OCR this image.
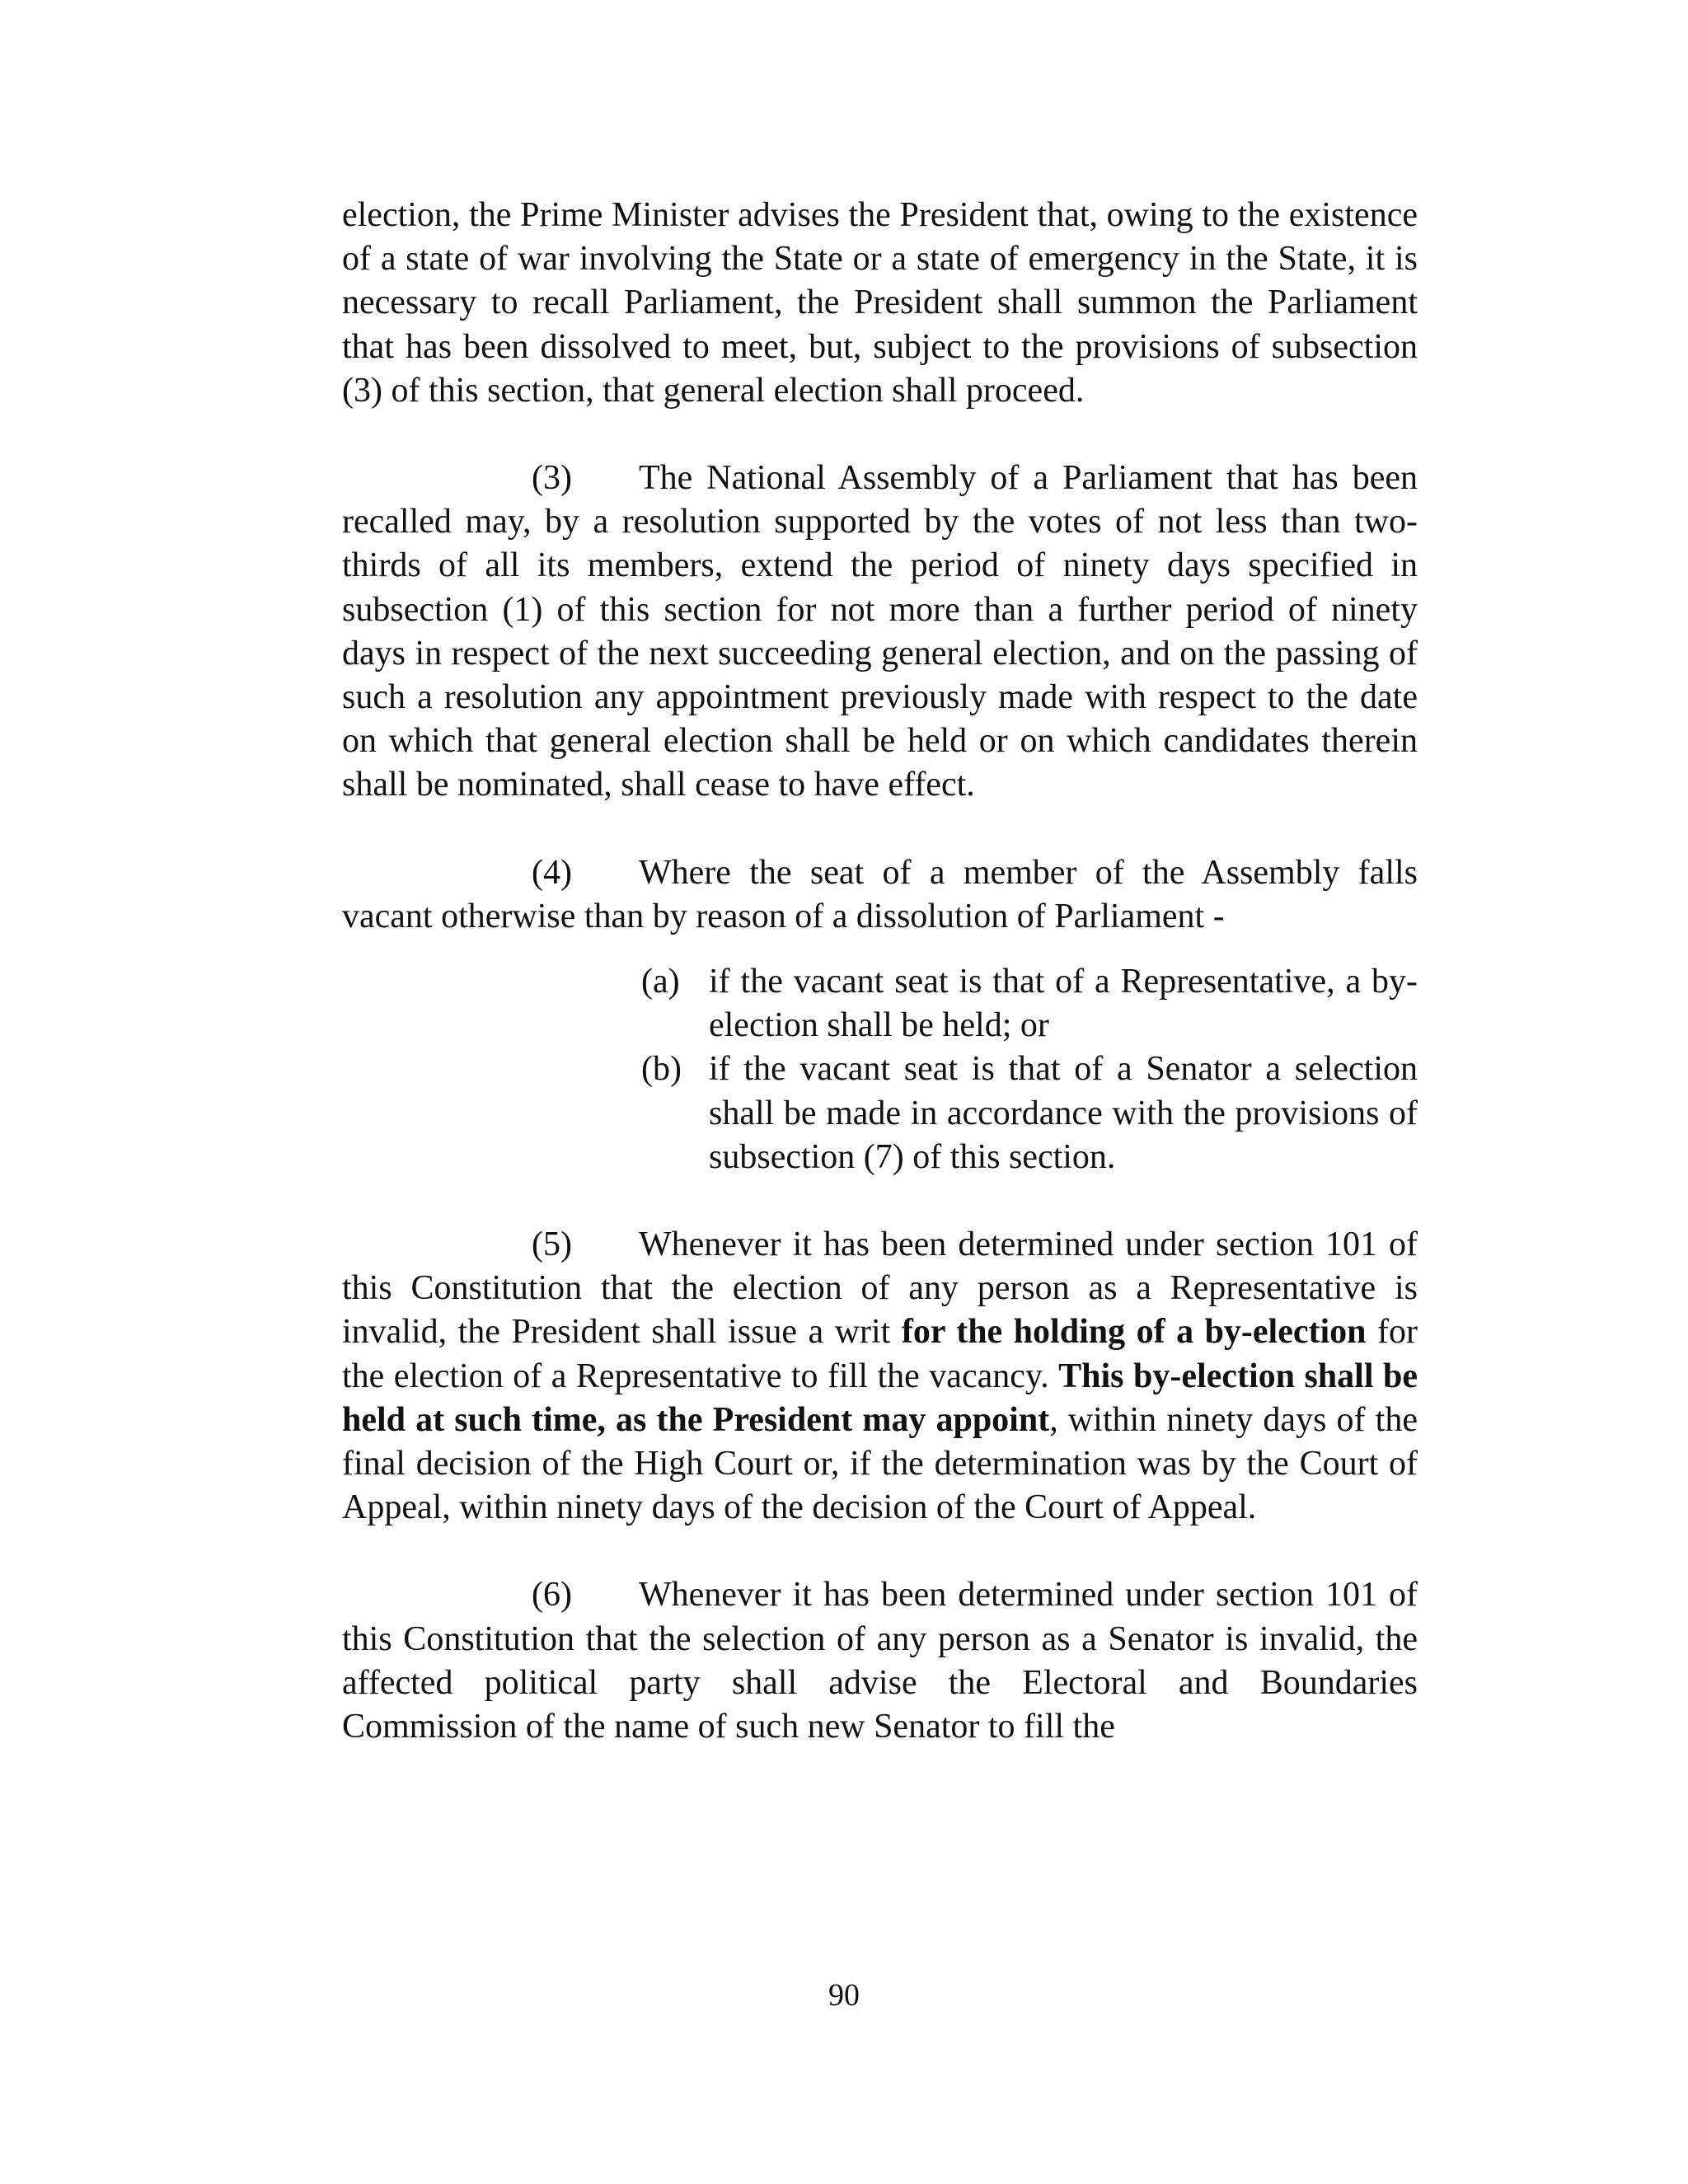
election, the Prime Minister advises the President that, owing to the existence of a state of war involving the State or a state of emergency in the State, it is necessary to recall Parliament, the President shall summon the Parliament that has been dissolved to meet, but, subject to the provisions of subsection (3) of this section, that general election shall proceed.

(3) The National Assembly of a Parliament that has been recalled may, by a resolution supported by the votes of not less than two-thirds of all its members, extend the period of ninety days specified in subsection (1) of this section for not more than a further period of ninety days in respect of the next succeeding general election, and on the passing of such a resolution any appointment previously made with respect to the date on which that general election shall be held or on which candidates therein shall be nominated, shall cease to have effect.

(4) Where the seat of a member of the Assembly falls vacant otherwise than by reason of a dissolution of Parliament -

(a) if the vacant seat is that of a Representative, a by-election shall be held; or
(b) if the vacant seat is that of a Senator a selection shall be made in accordance with the provisions of subsection (7) of this section.

(5) Whenever it has been determined under section 101 of this Constitution that the election of any person as a Representative is invalid, the President shall issue a writ for the holding of a by-election for the election of a Representative to fill the vacancy. This by-election shall be held at such time, as the President may appoint, within ninety days of the final decision of the High Court or, if the determination was by the Court of Appeal, within ninety days of the decision of the Court of Appeal.

(6) Whenever it has been determined under section 101 of this Constitution that the selection of any person as a Senator is invalid, the affected political party shall advise the Electoral and Boundaries Commission of the name of such new Senator to fill the

90
